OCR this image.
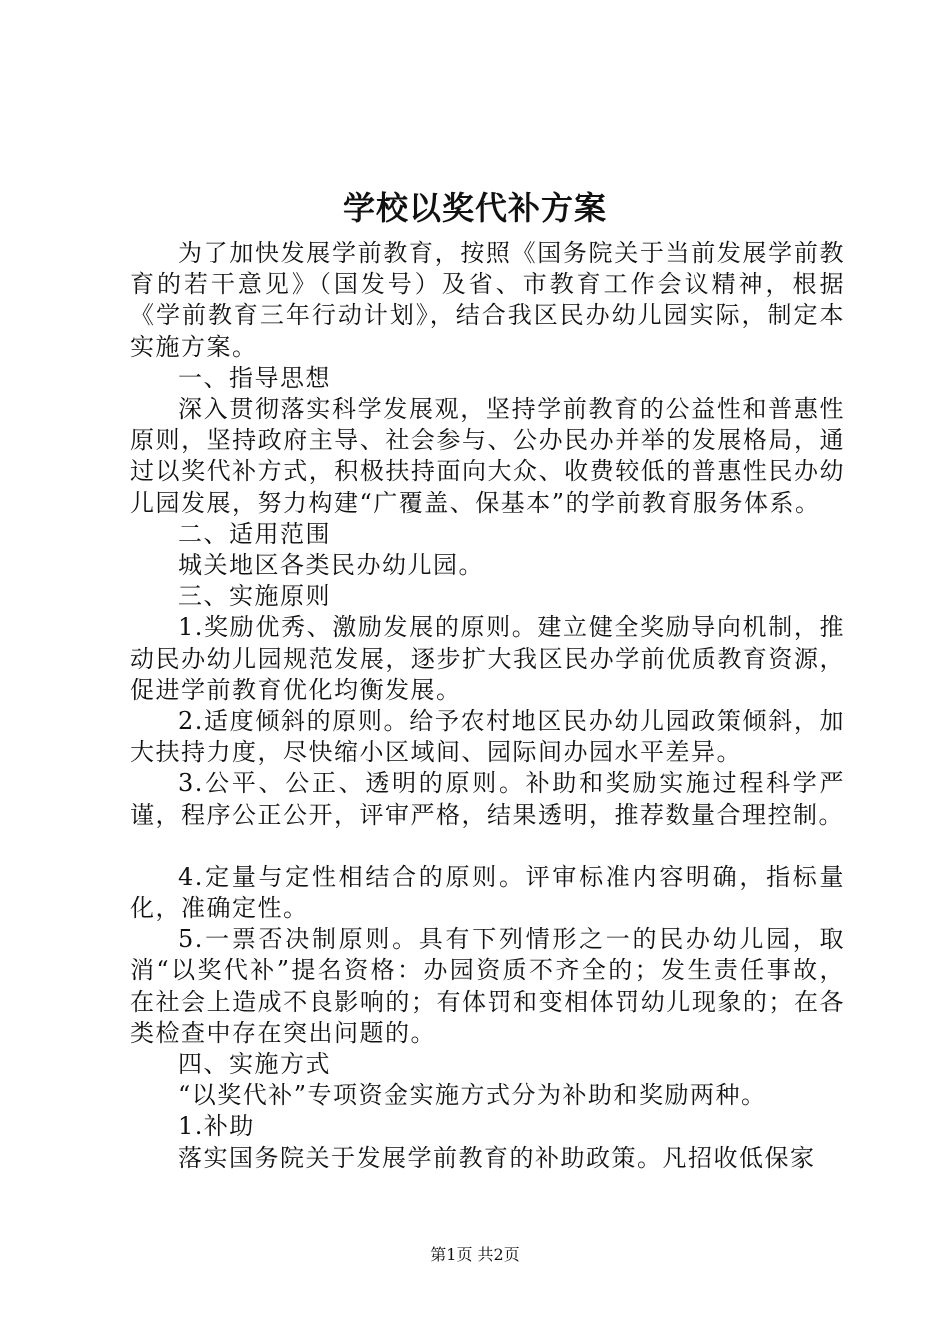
学校以奖代补方案

为了加快发展学前教育，按照《国务院关于当前发展学前教育的若干意见》（国发号）及省、市教育工作会议精神，根据《学前教育三年行动计划》，结合我区民办幼儿园实际，制定本实施方案。

一、指导思想

深入贯彻落实科学发展观，坚持学前教育的公益性和普惠性原则，坚持政府主导、社会参与、公办民办并举的发展格局，通过以奖代补方式，积极扶持面向大众、收费较低的普惠性民办幼儿园发展，努力构建“广覆盖、保基本”的学前教育服务体系。

二、适用范围

城关地区各类民办幼儿园。

三、实施原则

1.奖励优秀、激励发展的原则。建立健全奖励导向机制，推动民办幼儿园规范发展，逐步扩大我区民办学前优质教育资源，促进学前教育优化均衡发展。

2.适度倾斜的原则。给予农村地区民办幼儿园政策倾斜，加大扶持力度，尽快缩小区域间、园际间办园水平差异。

3.公平、公正、透明的原则。补助和奖励实施过程科学严谨，程序公正公开，评审严格，结果透明，推荐数量合理控制。

4.定量与定性相结合的原则。评审标准内容明确，指标量化，准确定性。

5.一票否决制原则。具有下列情形之一的民办幼儿园，取消“以奖代补”提名资格：办园资质不齐全的；发生责任事故，在社会上造成不良影响的；有体罚和变相体罚幼儿现象的；在各类检查中存在突出问题的。

四、实施方式

“以奖代补”专项资金实施方式分为补助和奖励两种。

1.补助

落实国务院关于发展学前教育的补助政策。凡招收低保家

第1页 共2页
